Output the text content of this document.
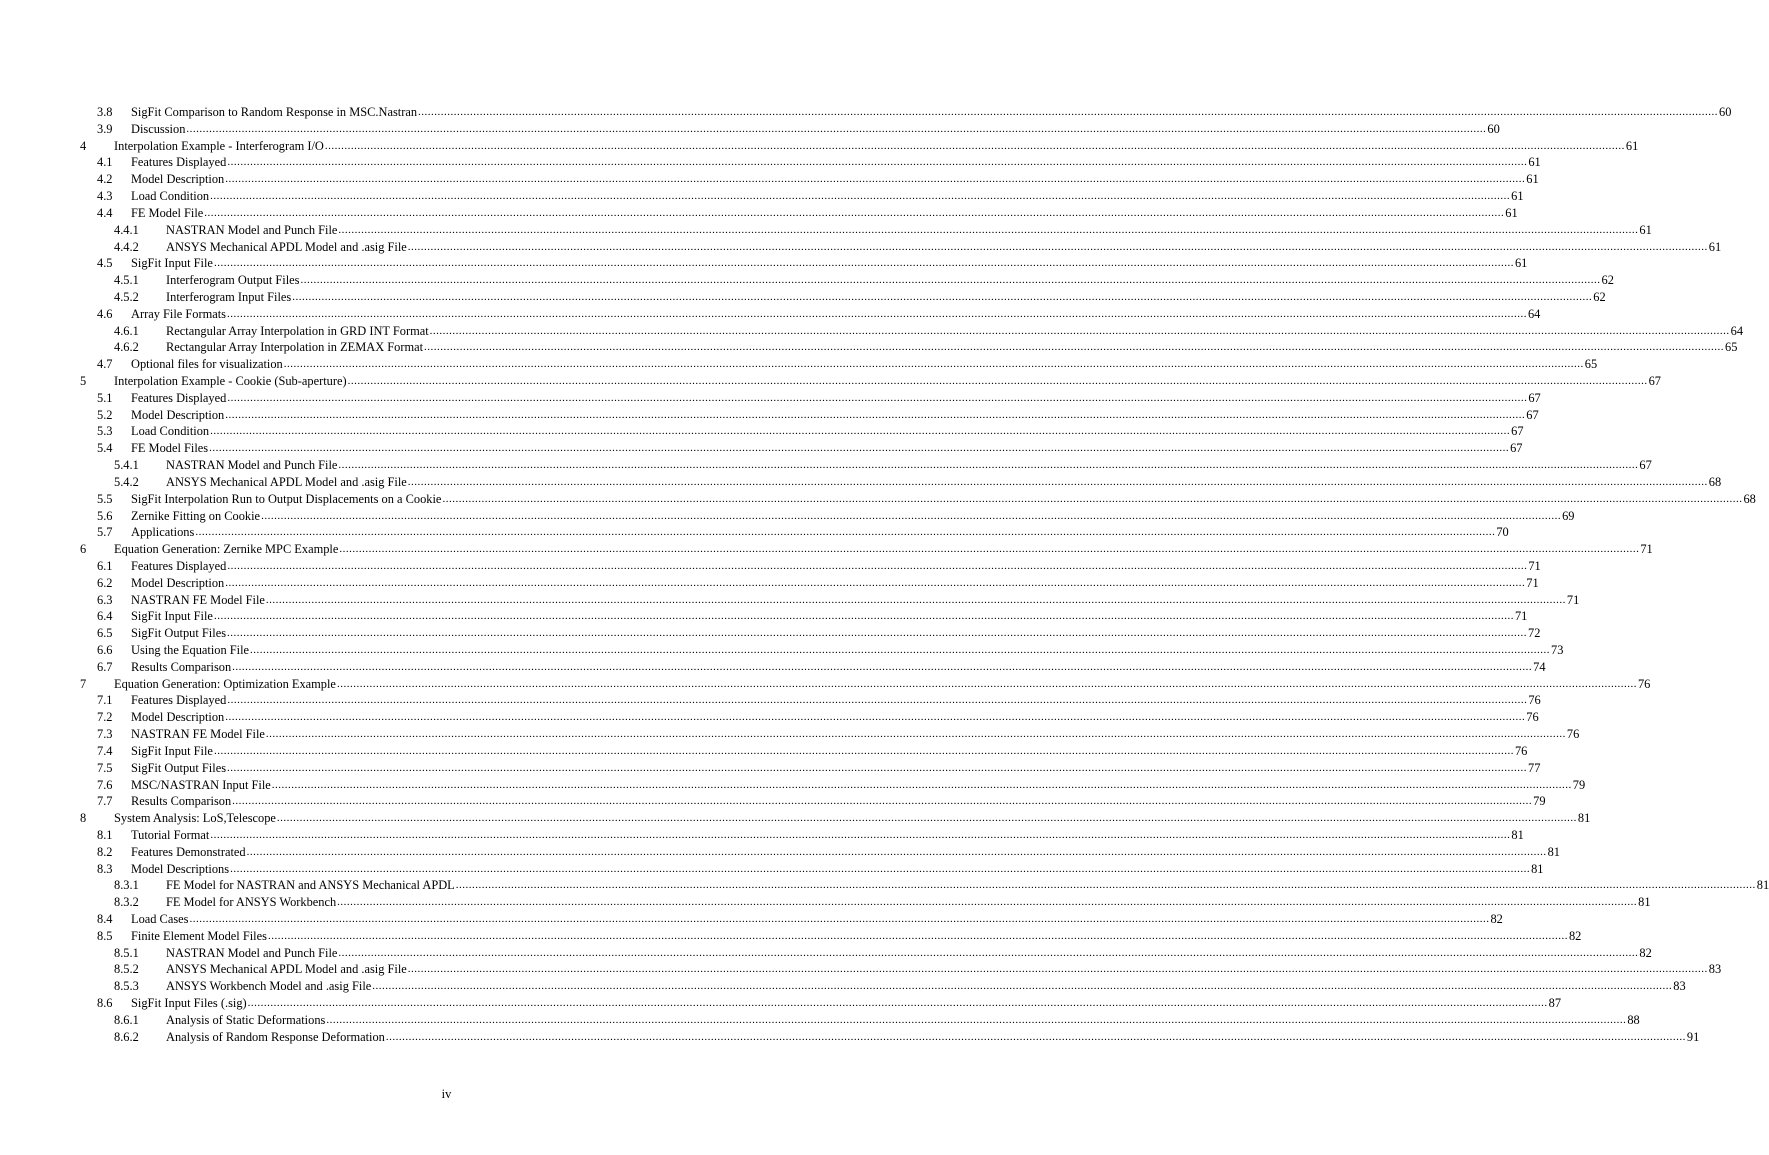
3.8 SigFit Comparison to Random Response in MSC.Nastran ................................................................................................................................................................................................................................................................................................................................................................................................................ 60
3.9 Discussion ................................................................................................................................................................................................................................................................................................................................................................................................................ 60
4 Interpolation Example - Interferogram I/O ................................................................................................................................................................................................................................................................................................................................................................................................................ 61
4.1 Features Displayed ................................................................................................................................................................................................................................................................................................................................................................................................................ 61
4.2 Model Description ................................................................................................................................................................................................................................................................................................................................................................................................................ 61
4.3 Load Condition ................................................................................................................................................................................................................................................................................................................................................................................................................ 61
4.4 FE Model File ................................................................................................................................................................................................................................................................................................................................................................................................................ 61
4.4.1 NASTRAN Model and Punch File ................................................................................................................................................................................................................................................................................................................................................................................................................ 61
4.4.2 ANSYS Mechanical APDL Model and .asig File ................................................................................................................................................................................................................................................................................................................................................................................................................ 61
4.5 SigFit Input File ................................................................................................................................................................................................................................................................................................................................................................................................................ 61
4.5.1 Interferogram Output Files ................................................................................................................................................................................................................................................................................................................................................................................................................ 62
4.5.2 Interferogram Input Files ................................................................................................................................................................................................................................................................................................................................................................................................................ 62
4.6 Array File Formats ................................................................................................................................................................................................................................................................................................................................................................................................................ 64
4.6.1 Rectangular Array Interpolation in GRD INT Format ................................................................................................................................................................................................................................................................................................................................................................................................................ 64
4.6.2 Rectangular Array Interpolation in ZEMAX Format ................................................................................................................................................................................................................................................................................................................................................................................................................ 65
4.7 Optional files for visualization ................................................................................................................................................................................................................................................................................................................................................................................................................ 65
5 Interpolation Example - Cookie (Sub-aperture) ................................................................................................................................................................................................................................................................................................................................................................................................................ 67
5.1 Features Displayed ................................................................................................................................................................................................................................................................................................................................................................................................................ 67
5.2 Model Description ................................................................................................................................................................................................................................................................................................................................................................................................................ 67
5.3 Load Condition ................................................................................................................................................................................................................................................................................................................................................................................................................ 67
5.4 FE Model Files ................................................................................................................................................................................................................................................................................................................................................................................................................ 67
5.4.1 NASTRAN Model and Punch File ................................................................................................................................................................................................................................................................................................................................................................................................................ 67
5.4.2 ANSYS Mechanical APDL Model and .asig File ................................................................................................................................................................................................................................................................................................................................................................................................................ 68
5.5 SigFit Interpolation Run to Output Displacements on a Cookie ................................................................................................................................................................................................................................................................................................................................................................................................................ 68
5.6 Zernike Fitting on Cookie ................................................................................................................................................................................................................................................................................................................................................................................................................ 69
5.7 Applications ................................................................................................................................................................................................................................................................................................................................................................................................................ 70
6 Equation Generation: Zernike MPC Example ................................................................................................................................................................................................................................................................................................................................................................................................................ 71
6.1 Features Displayed ................................................................................................................................................................................................................................................................................................................................................................................................................ 71
6.2 Model Description ................................................................................................................................................................................................................................................................................................................................................................................................................ 71
6.3 NASTRAN FE Model File ................................................................................................................................................................................................................................................................................................................................................................................................................ 71
6.4 SigFit Input File ................................................................................................................................................................................................................................................................................................................................................................................................................ 71
6.5 SigFit Output Files ................................................................................................................................................................................................................................................................................................................................................................................................................ 72
6.6 Using the Equation File ................................................................................................................................................................................................................................................................................................................................................................................................................ 73
6.7 Results Comparison ................................................................................................................................................................................................................................................................................................................................................................................................................ 74
7 Equation Generation: Optimization Example ................................................................................................................................................................................................................................................................................................................................................................................................................ 76
7.1 Features Displayed ................................................................................................................................................................................................................................................................................................................................................................................................................ 76
7.2 Model Description ................................................................................................................................................................................................................................................................................................................................................................................................................ 76
7.3 NASTRAN FE Model File ................................................................................................................................................................................................................................................................................................................................................................................................................ 76
7.4 SigFit Input File ................................................................................................................................................................................................................................................................................................................................................................................................................ 76
7.5 SigFit Output Files ................................................................................................................................................................................................................................................................................................................................................................................................................ 77
7.6 MSC/NASTRAN Input File ................................................................................................................................................................................................................................................................................................................................................................................................................ 79
7.7 Results Comparison ................................................................................................................................................................................................................................................................................................................................................................................................................ 79
8 System Analysis: LoS,Telescope ................................................................................................................................................................................................................................................................................................................................................................................................................ 81
8.1 Tutorial Format ................................................................................................................................................................................................................................................................................................................................................................................................................ 81
8.2 Features Demonstrated ................................................................................................................................................................................................................................................................................................................................................................................................................ 81
8.3 Model Descriptions ................................................................................................................................................................................................................................................................................................................................................................................................................ 81
8.3.1 FE Model for NASTRAN and ANSYS Mechanical APDL ................................................................................................................................................................................................................................................................................................................................................................................................................ 81
8.3.2 FE Model for ANSYS Workbench ................................................................................................................................................................................................................................................................................................................................................................................................................ 81
8.4 Load Cases ................................................................................................................................................................................................................................................................................................................................................................................................................ 82
8.5 Finite Element Model Files ................................................................................................................................................................................................................................................................................................................................................................................................................ 82
8.5.1 NASTRAN Model and Punch File ................................................................................................................................................................................................................................................................................................................................................................................................................ 82
8.5.2 ANSYS Mechanical APDL Model and .asig File ................................................................................................................................................................................................................................................................................................................................................................................................................ 83
8.5.3 ANSYS Workbench Model and .asig File ................................................................................................................................................................................................................................................................................................................................................................................................................ 83
8.6 SigFit Input Files (.sig) ................................................................................................................................................................................................................................................................................................................................................................................................................ 87
8.6.1 Analysis of Static Deformations ................................................................................................................................................................................................................................................................................................................................................................................................................ 88
8.6.2 Analysis of Random Response Deformation ................................................................................................................................................................................................................................................................................................................................................................................................................ 91
iv
